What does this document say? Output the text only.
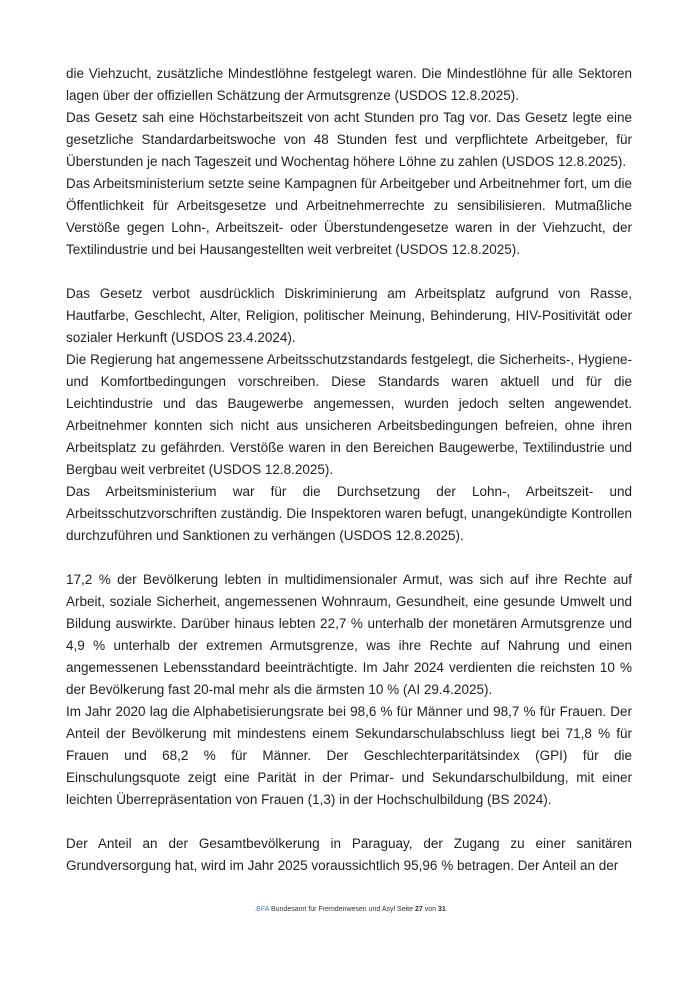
die Viehzucht, zusätzliche Mindestlöhne festgelegt waren. Die Mindestlöhne für alle Sektoren lagen über der offiziellen Schätzung der Armutsgrenze (USDOS 12.8.2025).

Das Gesetz sah eine Höchstarbeitszeit von acht Stunden pro Tag vor. Das Gesetz legte eine gesetzliche Standardarbeitswoche von 48 Stunden fest und verpflichtete Arbeitgeber, für Überstunden je nach Tageszeit und Wochentag höhere Löhne zu zahlen (USDOS 12.8.2025).

Das Arbeitsministerium setzte seine Kampagnen für Arbeitgeber und Arbeitnehmer fort, um die Öffentlichkeit für Arbeitsgesetze und Arbeitnehmerrechte zu sensibilisieren. Mutmaßliche Verstöße gegen Lohn-, Arbeitszeit- oder Überstundengesetze waren in der Viehzucht, der Textilindustrie und bei Hausangestellten weit verbreitet (USDOS 12.8.2025).

Das Gesetz verbot ausdrücklich Diskriminierung am Arbeitsplatz aufgrund von Rasse, Hautfarbe, Geschlecht, Alter, Religion, politischer Meinung, Behinderung, HIV-Positivität oder sozialer Herkunft (USDOS 23.4.2024).

Die Regierung hat angemessene Arbeitsschutzstandards festgelegt, die Sicherheits-, Hygiene- und Komfortbedingungen vorschreiben. Diese Standards waren aktuell und für die Leichtindustrie und das Baugewerbe angemessen, wurden jedoch selten angewendet. Arbeitnehmer konnten sich nicht aus unsicheren Arbeitsbedingungen befreien, ohne ihren Arbeitsplatz zu gefährden. Verstöße waren in den Bereichen Baugewerbe, Textilindustrie und Bergbau weit verbreitet (USDOS 12.8.2025).

Das Arbeitsministerium war für die Durchsetzung der Lohn-, Arbeitszeit- und Arbeitsschutzvorschriften zuständig. Die Inspektoren waren befugt, unangekündigte Kontrollen durchzuführen und Sanktionen zu verhängen (USDOS 12.8.2025).

17,2 % der Bevölkerung lebten in multidimensionaler Armut, was sich auf ihre Rechte auf Arbeit, soziale Sicherheit, angemessenen Wohnraum, Gesundheit, eine gesunde Umwelt und Bildung auswirkte. Darüber hinaus lebten 22,7 % unterhalb der monetären Armutsgrenze und 4,9 % unterhalb der extremen Armutsgrenze, was ihre Rechte auf Nahrung und einen angemessenen Lebensstandard beeinträchtigte. Im Jahr 2024 verdienten die reichsten 10 % der Bevölkerung fast 20-mal mehr als die ärmsten 10 % (AI 29.4.2025).

Im Jahr 2020 lag die Alphabetisierungsrate bei 98,6 % für Männer und 98,7 % für Frauen. Der Anteil der Bevölkerung mit mindestens einem Sekundarschulabschluss liegt bei 71,8 % für Frauen und 68,2 % für Männer. Der Geschlechterparitätsindex (GPI) für die Einschulungsquote zeigt eine Parität in der Primar- und Sekundarschulbildung, mit einer leichten Überrepräsentation von Frauen (1,3) in der Hochschulbildung (BS 2024).

Der Anteil an der Gesamtbevölkerung in Paraguay, der Zugang zu einer sanitären Grundversorgung hat, wird im Jahr 2025 voraussichtlich 95,96 % betragen. Der Anteil an der

.BFA Bundesamt für Fremdenwesen und Asyl Seite 27 von 31
